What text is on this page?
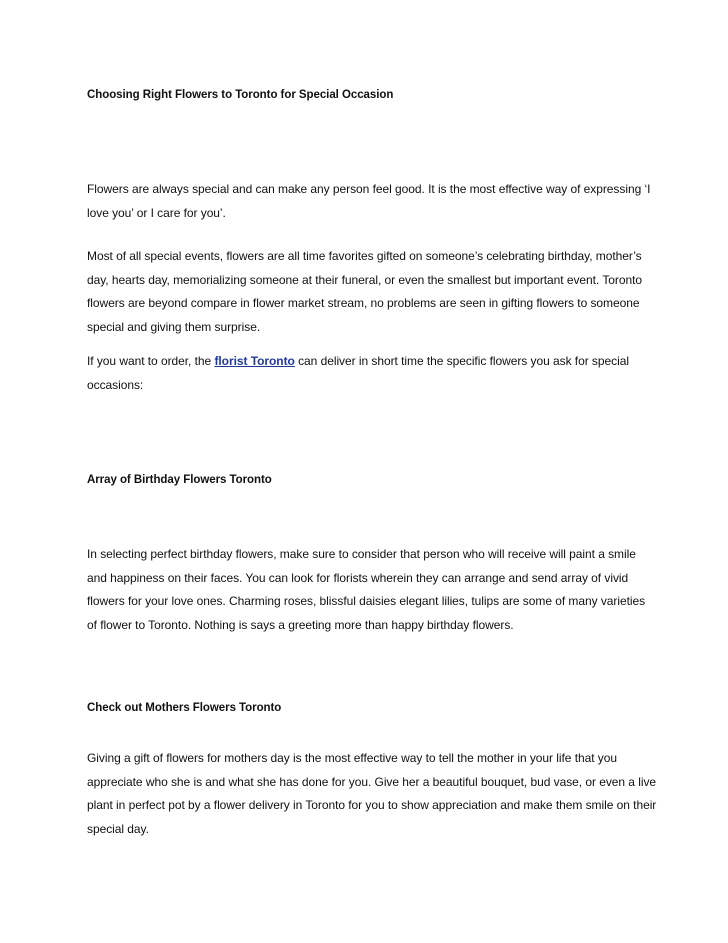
Choosing Right Flowers to Toronto for Special Occasion

Flowers are always special and can make any person feel good. It is the most effective way of expressing ‘I love you’ or I care for you’.

Most of all special events, flowers are all time favorites gifted on someone’s celebrating birthday, mother’s day, hearts day, memorializing someone at their funeral, or even the smallest but important event. Toronto flowers are beyond compare in flower market stream, no problems are seen in gifting flowers to someone special and giving them surprise.

If you want to order, the florist Toronto can deliver in short time the specific flowers you ask for special occasions:

Array of Birthday Flowers Toronto

In selecting perfect birthday flowers, make sure to consider that person who will receive will paint a smile and happiness on their faces. You can look for florists wherein they can arrange and send array of vivid flowers for your love ones. Charming roses, blissful daisies elegant lilies, tulips are some of many varieties of flower to Toronto. Nothing is says a greeting more than happy birthday flowers.

Check out Mothers Flowers Toronto

Giving a gift of flowers for mothers day is the most effective way to tell the mother in your life that you appreciate who she is and what she has done for you. Give her a beautiful bouquet, bud vase, or even a live plant in perfect pot by a flower delivery in Toronto for you to show appreciation and make them smile on their special day.
